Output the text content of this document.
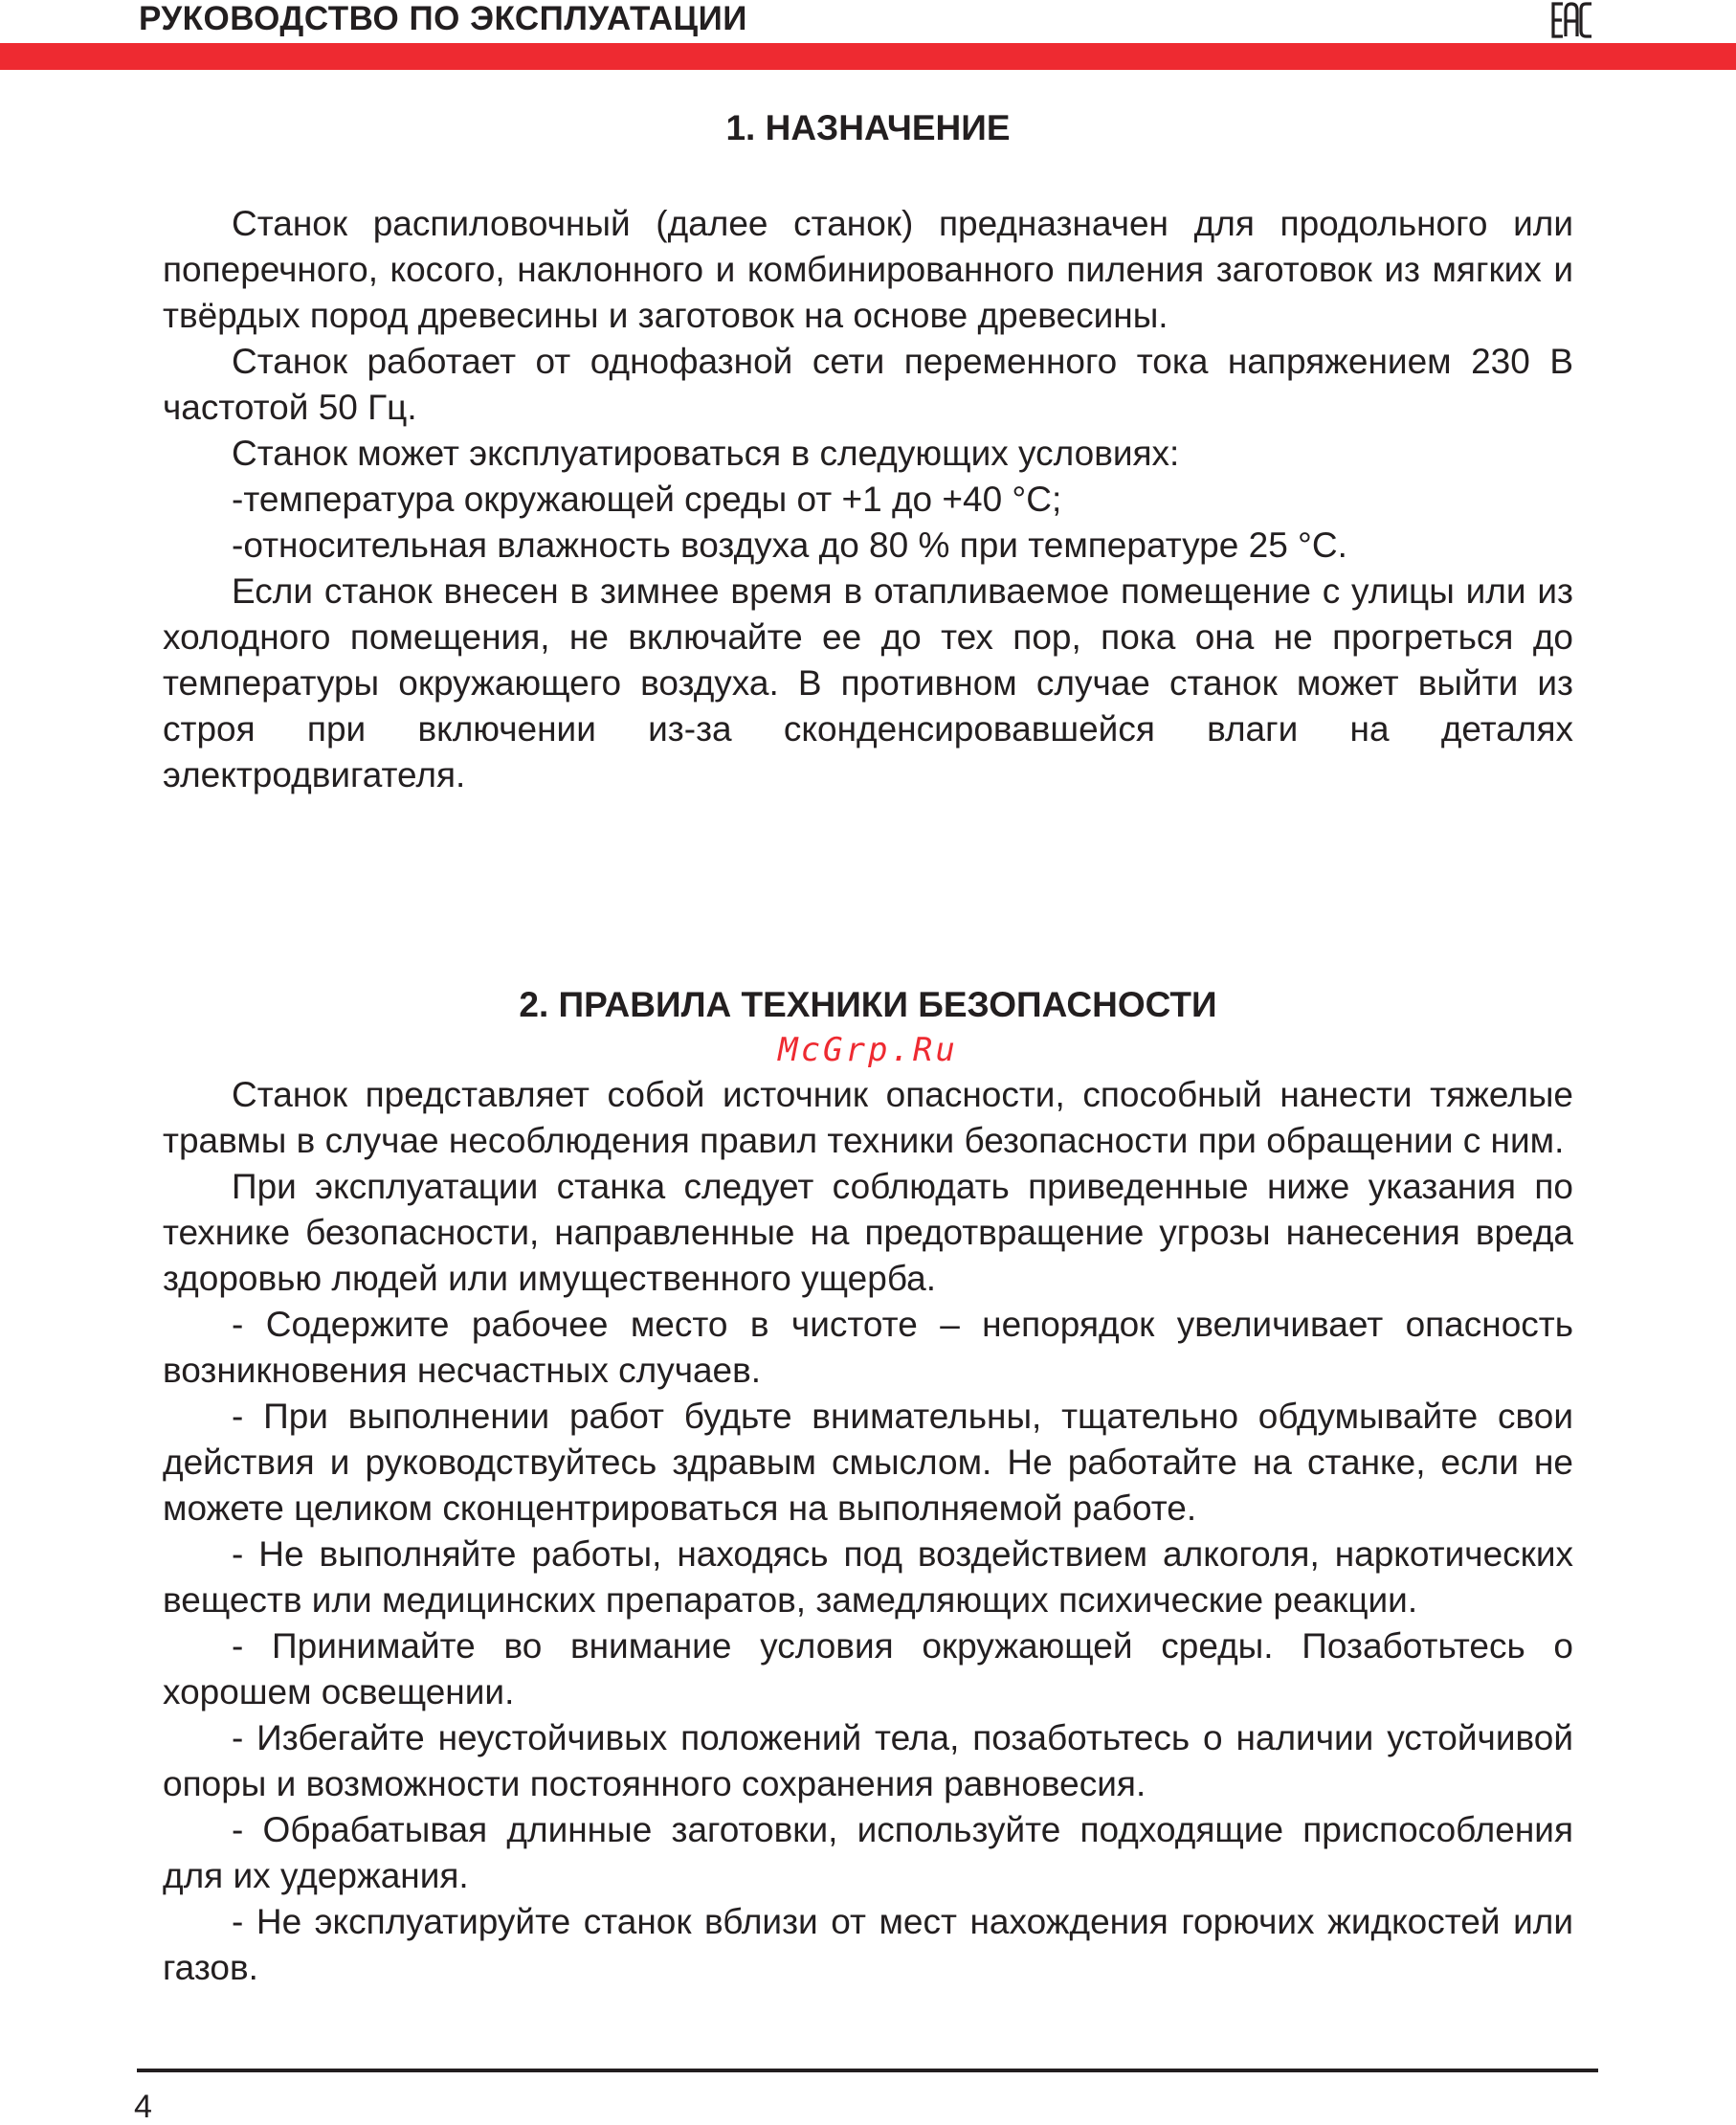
РУКОВОДСТВО ПО ЭКСПЛУАТАЦИИ
1. НАЗНАЧЕНИЕ

Станок распиловочный (далее станок) предназначен для продольного или поперечного, косого, наклонного и комбинированного пиления заготовок из мягких и твёрдых пород древесины и заготовок на основе древесины.

Станок работает от однофазной сети переменного тока напряжением 230 В частотой 50 Гц.

Станок может эксплуатироваться в следующих условиях:

-температура окружающей среды от +1 до +40 °С;

-относительная влажность воздуха до 80 % при температуре 25 °С.

Если станок внесен в зимнее время в отапливаемое помещение с улицы или из холодного помещения, не включайте ее до тех пор, пока она не прогреться до температуры окружающего воздуха. В противном случае станок может выйти из строя при включении из-за сконденсировавшейся влаги на деталях электродвигателя.

2. ПРАВИЛА ТЕХНИКИ БЕЗОПАСНОСТИ

McGrp.Ru

Станок представляет собой источник опасности, способный нанести тяжелые травмы в случае несоблюдения правил техники безопасности при обращении с ним.

При эксплуатации станка следует соблюдать приведенные ниже указания по технике безопасности, направленные на предотвращение угрозы нанесения вреда здоровью людей или имущественного ущерба.

- Содержите рабочее место в чистоте – непорядок увеличивает опасность возникновения несчастных случаев.

- При выполнении работ будьте внимательны, тщательно обдумывайте свои действия и руководствуйтесь здравым смыслом. Не работайте на станке, если не можете целиком сконцентрироваться на выполняемой работе.

- Не выполняйте работы, находясь под воздействием алкоголя, наркотических веществ или медицинских препаратов, замедляющих психические реакции.

- Принимайте во внимание условия окружающей среды. Позаботьтесь о хорошем освещении.

- Избегайте неустойчивых положений тела, позаботьтесь о наличии устойчивой опоры и возможности постоянного сохранения равновесия.

- Обрабатывая длинные заготовки, используйте подходящие приспособления для их удержания.

- Не эксплуатируйте станок вблизи от мест нахождения горючих жидкостей или газов.

4
